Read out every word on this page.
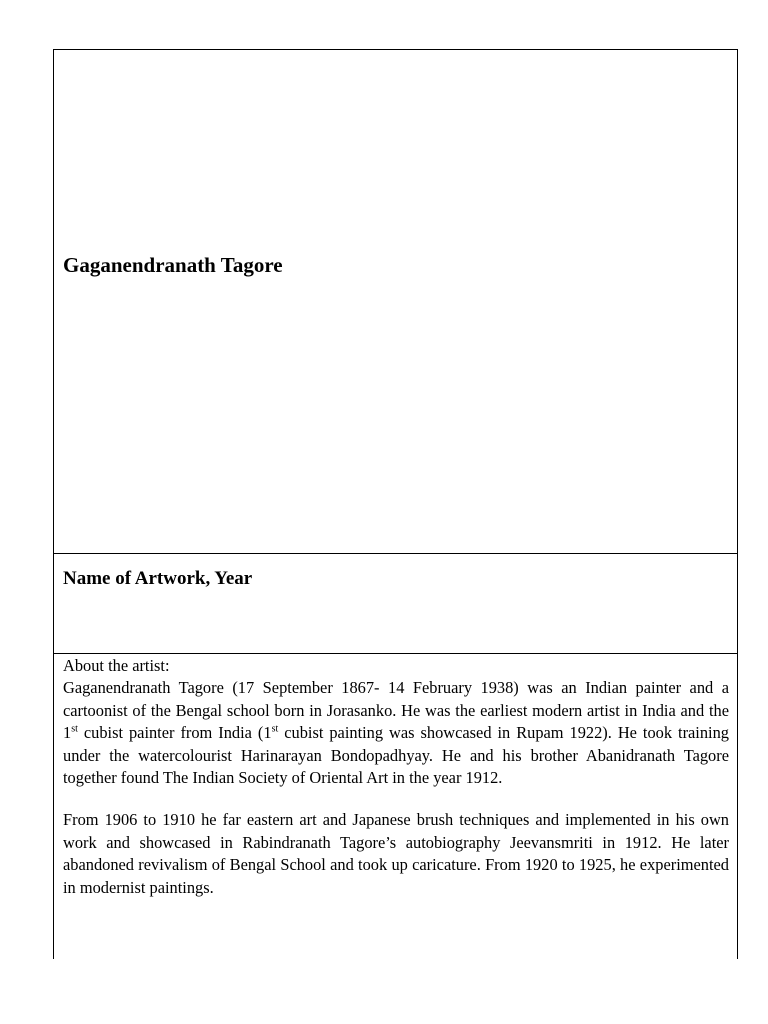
Gaganendranath Tagore
Name of Artwork, Year

About the artist:

Gaganendranath Tagore (17 September 1867- 14 February 1938) was an Indian painter and a cartoonist of the Bengal school born in Jorasanko. He was the earliest modern artist in India and the 1st cubist painter from India (1st cubist painting was showcased in Rupam 1922). He took training under the watercolourist Harinarayan Bondopadhyay. He and his brother Abanidranath Tagore together found The Indian Society of Oriental Art in the year 1912.

From 1906 to 1910 he far eastern art and Japanese brush techniques and implemented in his own work and showcased in Rabindranath Tagore’s autobiography Jeevansmriti in 1912. He later abandoned revivalism of Bengal School and took up caricature. From 1920 to 1925, he experimented in modernist paintings.
